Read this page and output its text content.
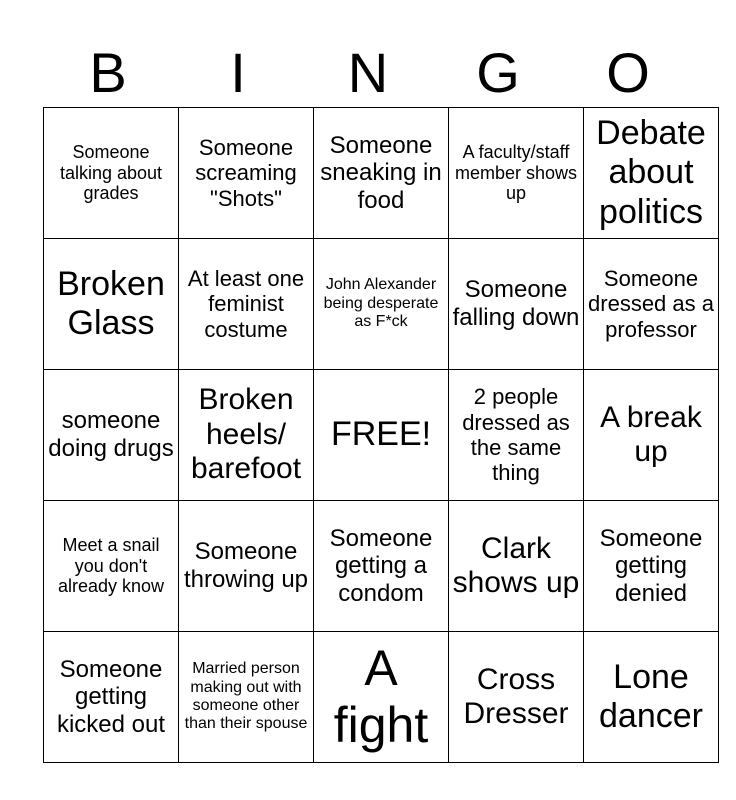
B	I	N	G	O
Someone talking about grades	Someone screaming "Shots"	Someone sneaking in food	A faculty/staff member shows up	Debate about politics
Broken Glass	At least one feminist costume	John Alexander being desperate as F*ck	Someone falling down	Someone dressed as a professor
someone doing drugs	Broken heels/ barefoot	FREE!	2 people dressed as the same thing	A break up
Meet a snail you don't already know	Someone throwing up	Someone getting a condom	Clark shows up	Someone getting denied
Someone getting kicked out	Married person making out with someone other than their spouse	A fight	Cross Dresser	Lone dancer
